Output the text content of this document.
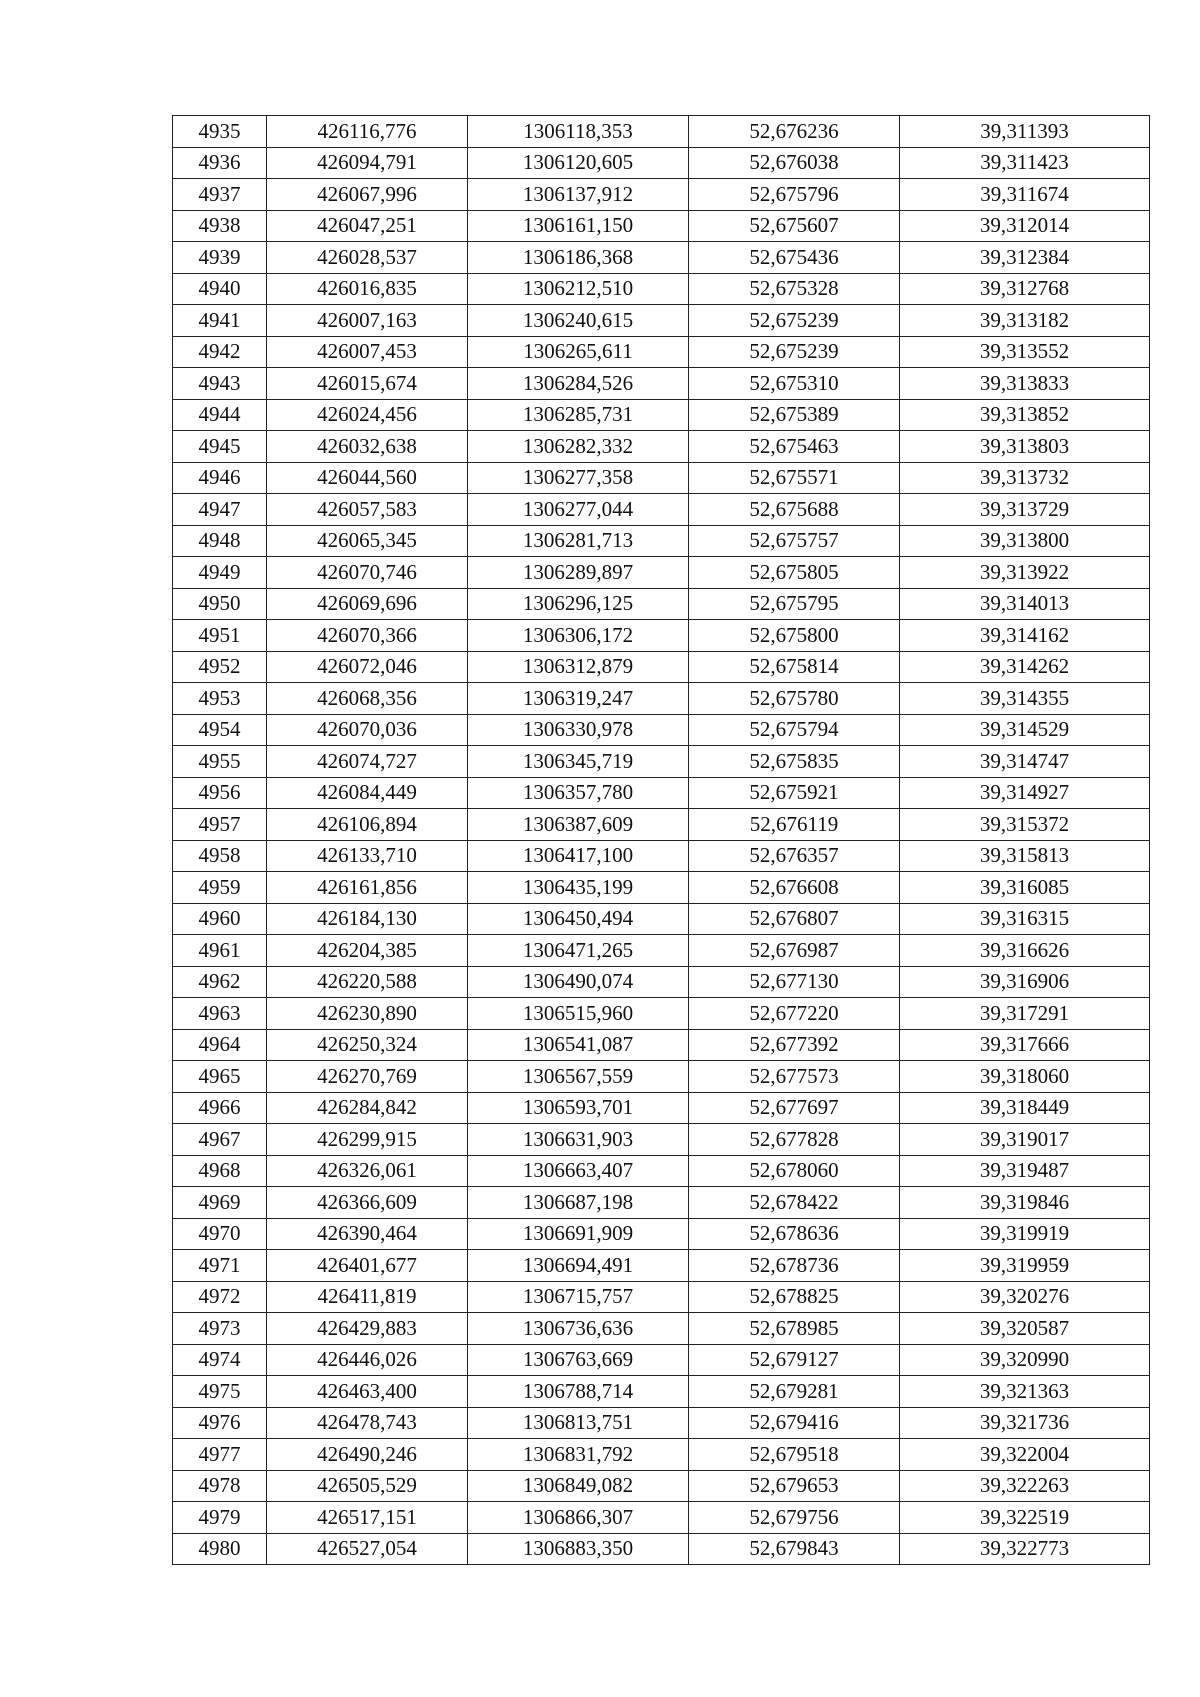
4935	426116,776	1306118,353	52,676236	39,311393
4936	426094,791	1306120,605	52,676038	39,311423
4937	426067,996	1306137,912	52,675796	39,311674
4938	426047,251	1306161,150	52,675607	39,312014
4939	426028,537	1306186,368	52,675436	39,312384
4940	426016,835	1306212,510	52,675328	39,312768
4941	426007,163	1306240,615	52,675239	39,313182
4942	426007,453	1306265,611	52,675239	39,313552
4943	426015,674	1306284,526	52,675310	39,313833
4944	426024,456	1306285,731	52,675389	39,313852
4945	426032,638	1306282,332	52,675463	39,313803
4946	426044,560	1306277,358	52,675571	39,313732
4947	426057,583	1306277,044	52,675688	39,313729
4948	426065,345	1306281,713	52,675757	39,313800
4949	426070,746	1306289,897	52,675805	39,313922
4950	426069,696	1306296,125	52,675795	39,314013
4951	426070,366	1306306,172	52,675800	39,314162
4952	426072,046	1306312,879	52,675814	39,314262
4953	426068,356	1306319,247	52,675780	39,314355
4954	426070,036	1306330,978	52,675794	39,314529
4955	426074,727	1306345,719	52,675835	39,314747
4956	426084,449	1306357,780	52,675921	39,314927
4957	426106,894	1306387,609	52,676119	39,315372
4958	426133,710	1306417,100	52,676357	39,315813
4959	426161,856	1306435,199	52,676608	39,316085
4960	426184,130	1306450,494	52,676807	39,316315
4961	426204,385	1306471,265	52,676987	39,316626
4962	426220,588	1306490,074	52,677130	39,316906
4963	426230,890	1306515,960	52,677220	39,317291
4964	426250,324	1306541,087	52,677392	39,317666
4965	426270,769	1306567,559	52,677573	39,318060
4966	426284,842	1306593,701	52,677697	39,318449
4967	426299,915	1306631,903	52,677828	39,319017
4968	426326,061	1306663,407	52,678060	39,319487
4969	426366,609	1306687,198	52,678422	39,319846
4970	426390,464	1306691,909	52,678636	39,319919
4971	426401,677	1306694,491	52,678736	39,319959
4972	426411,819	1306715,757	52,678825	39,320276
4973	426429,883	1306736,636	52,678985	39,320587
4974	426446,026	1306763,669	52,679127	39,320990
4975	426463,400	1306788,714	52,679281	39,321363
4976	426478,743	1306813,751	52,679416	39,321736
4977	426490,246	1306831,792	52,679518	39,322004
4978	426505,529	1306849,082	52,679653	39,322263
4979	426517,151	1306866,307	52,679756	39,322519
4980	426527,054	1306883,350	52,679843	39,322773
